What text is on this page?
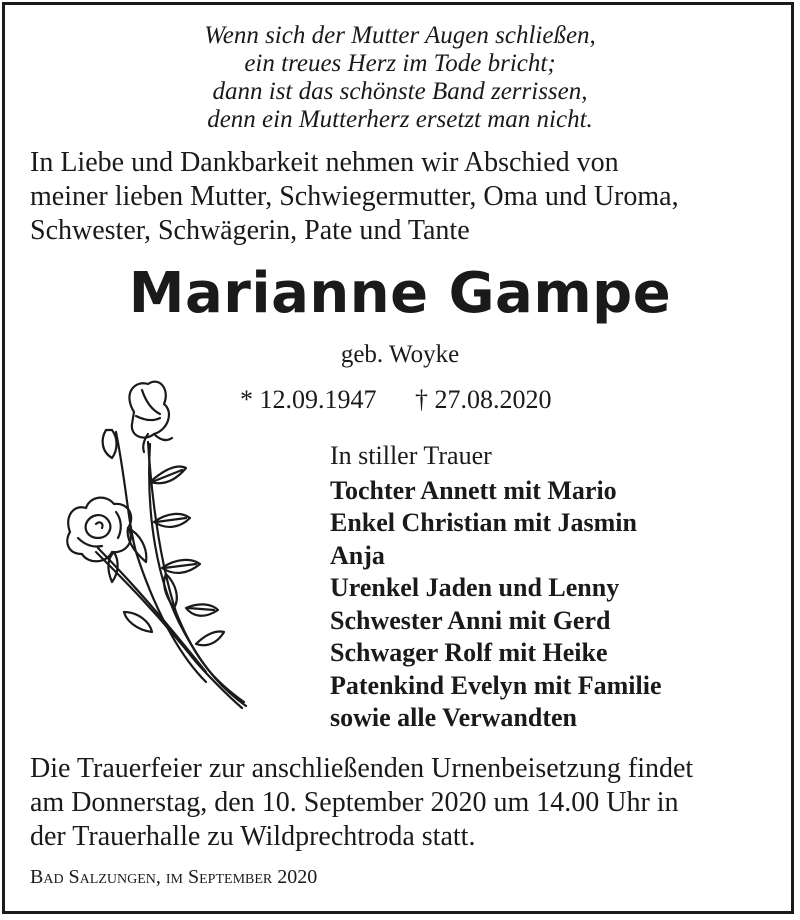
Wenn sich der Mutter Augen schließen,
ein treues Herz im Tode bricht;
dann ist das schönste Band zerrissen,
denn ein Mutterherz ersetzt man nicht.
In Liebe und Dankbarkeit nehmen wir Abschied von
meiner lieben Mutter, Schwiegermutter, Oma und Uroma,
Schwester, Schwägerin, Pate und Tante
Marianne Gampe
geb. Woyke
* 12.09.1947 † 27.08.2020
In stiller Trauer
Tochter Annett mit Mario
Enkel Christian mit Jasmin
Anja
Urenkel Jaden und Lenny
Schwester Anni mit Gerd
Schwager Rolf mit Heike
Patenkind Evelyn mit Familie
sowie alle Verwandten
Die Trauerfeier zur anschließenden Urnenbeisetzung findet
am Donnerstag, den 10. September 2020 um 14.00 Uhr in
der Trauerhalle zu Wildprechtroda statt.
Bad Salzungen, im September 2020
